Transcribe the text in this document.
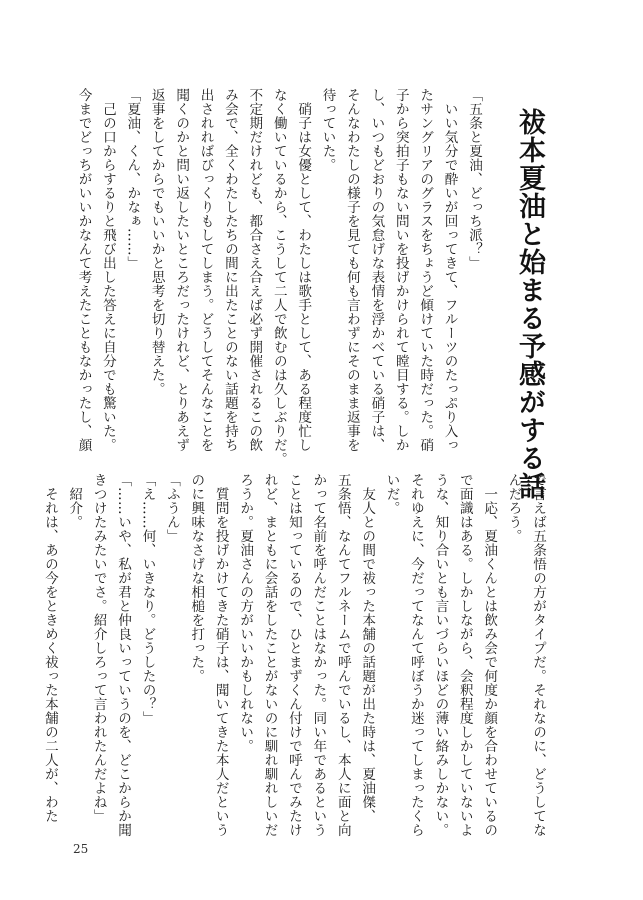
祓本夏油と始まる予感がする話
「五条と夏油、どっち派？」
　いい気分で酔いが回ってきて、フルーツのたっぷり入っ
たサングリアのグラスをちょうど傾けていた時だった。硝
子から突拍子もない問いを投げかけられて瞠目する。しか
し、いつもどおりの気怠げな表情を浮かべている硝子は、
そんなわたしの様子を見ても何も言わずにそのまま返事を
待っていた。
　硝子は女優として、わたしは歌手として、ある程度忙し
なく働いているから、こうして二人で飲むのは久しぶりだ。
不定期だけれども、都合さえ合えば必ず開催されるこの飲
み会で、全くわたしたちの間に出たことのない話題を持ち
出されればびっくりもしてしまう。どうしてそんなことを
聞くのかと問い返したいところだったけれど、とりあえず
返事をしてからでもいいかと思考を切り替えた。
「夏油、くん、かなぁ……」
　己の口からするりと飛び出した答えに自分でも驚いた。
今までどっちがいいかなんて考えたこともなかったし、顔
で言えば五条悟の方がタイプだ。それなのに、どうしてな
んだろう。
　一応、夏油くんとは飲み会で何度か顔を合わせているの
で面識はある。しかしながら、会釈程度しかしていないよ
うな、知り合いとも言いづらいほどの薄い絡みしかない。
それゆえに、今だってなんて呼ぼうか迷ってしまったくら
いだ。
　友人との間で祓った本舗の話題が出た時は、夏油傑、
五条悟、なんてフルネームで呼んでいるし、本人に面と向
かって名前を呼んだことはなかった。同い年であるという
ことは知っているので、ひとまずくん付けで呼んでみたけ
れど、まともに会話をしたことがないのに馴れ馴れしいだ
ろうか。夏油さんの方がいいかもしれない。
　質問を投げかけてきた硝子は、聞いてきた本人だという
のに興味なさげな相槌を打った。
「ふうん」
「え……何、いきなり。どうしたの？」
「……いや、私が君と仲良いっていうのを、どこからか聞
きつけたみたいでさ。紹介しろって言われたんだよね」
　紹介。
　それは、あの今をときめく祓った本舗の二人が、わた
25
